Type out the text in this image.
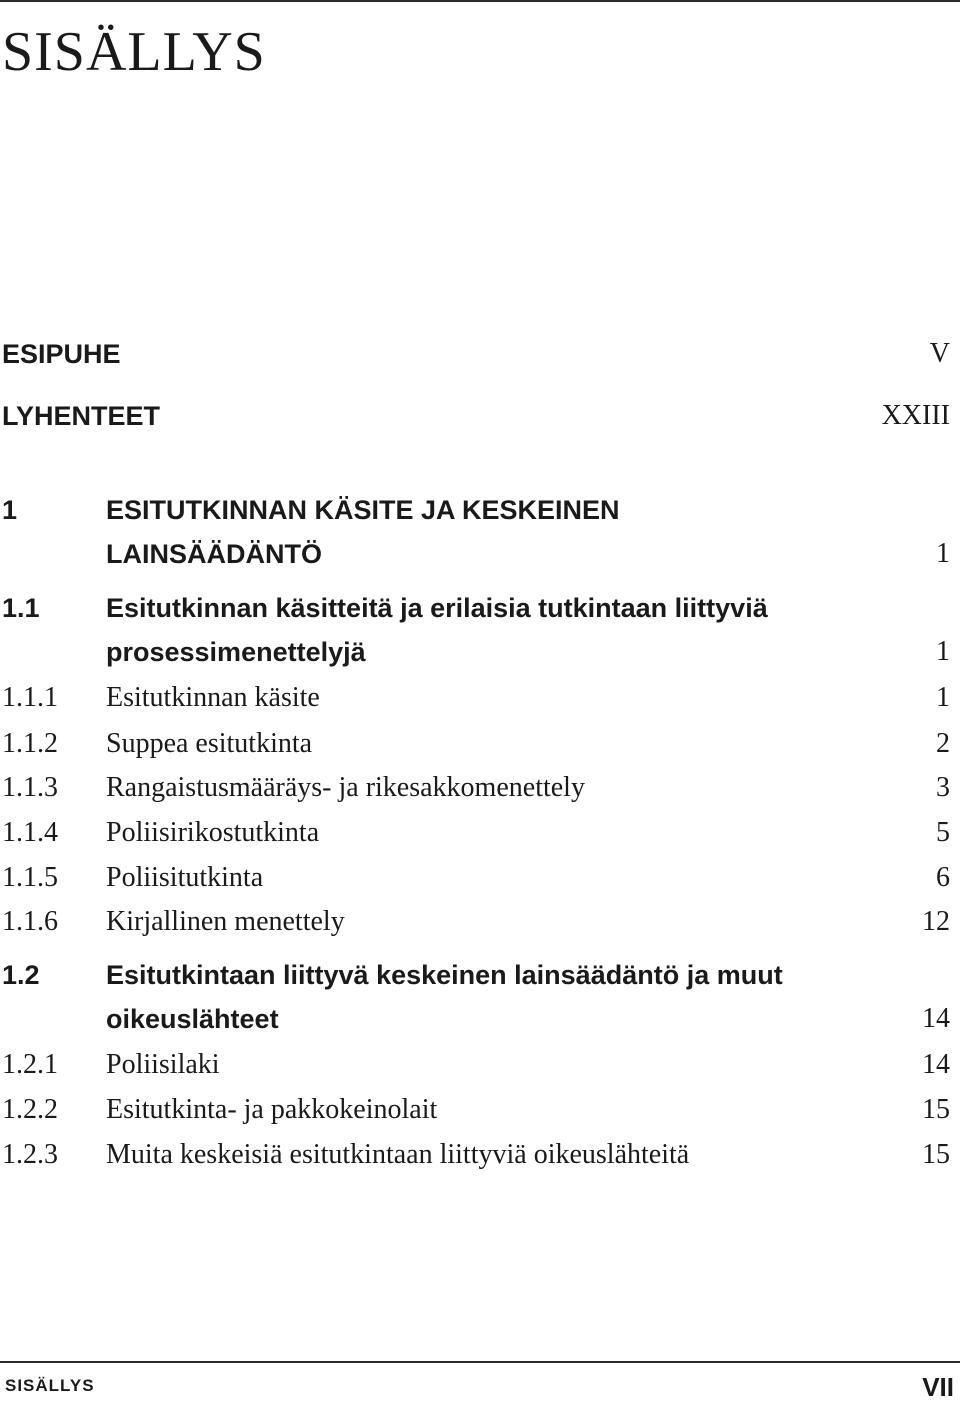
SISÄLLYS
ESIPUHE	V
LYHENTEET	XXIII
1	ESITUTKINNAN KÄSITE JA KESKEINEN
LAINSÄÄDÄNTÖ	1
1.1 Esitutkinnan käsitteitä ja erilaisia tutkintaan liittyviä
prosessimenettelyjä	1
1.1.1 Esitutkinnan käsite	1
1.1.2 Suppea esitutkinta	2
1.1.3 Rangaistusmääräys- ja rikesakkomenettely	3
1.1.4 Poliisirikostutkinta	5
1.1.5 Poliisitutkinta	6
1.1.6 Kirjallinen menettely	12
1.2 Esitutkintaan liittyvä keskeinen lainsäädäntö ja muut
oikeuslähteet	14
1.2.1 Poliisilaki	14
1.2.2 Esitutkinta- ja pakkokeinolait	15
1.2.3 Muita keskeisiä esitutkintaan liittyviä oikeuslähteitä	15
SISÄLLYS	VII
